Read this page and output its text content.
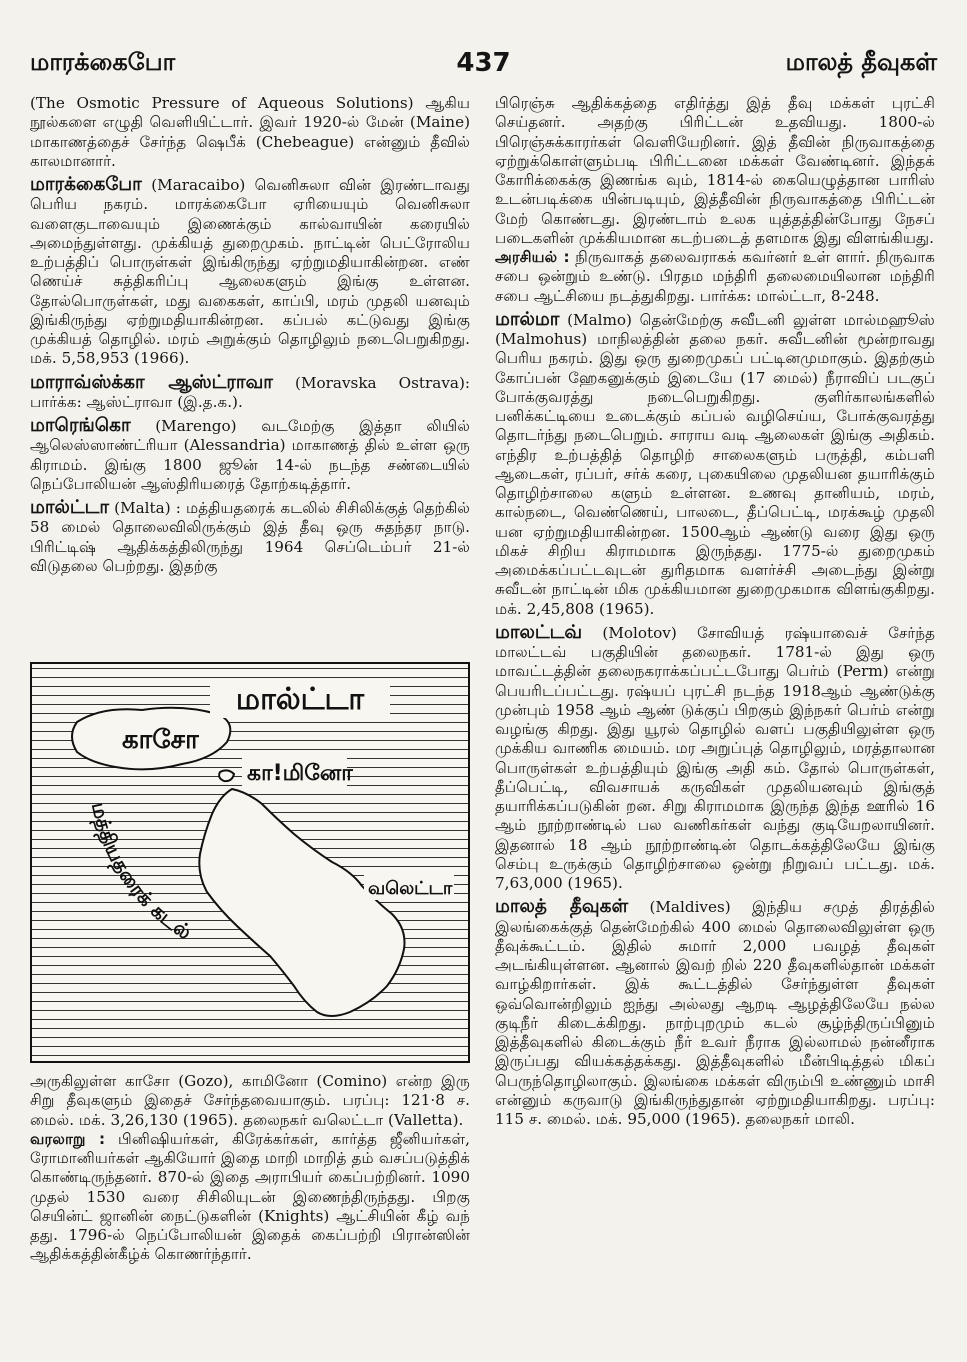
மாரக்கைபோ	437	மாலத் தீவுகள்

(The Osmotic Pressure of Aqueous Solutions) ஆகிய நூல்களை எழுதி வெளியிட்டார். இவர் 1920-ல் மேன் (Maine) மாகாணத்தைச் சேர்ந்த ஷெபீக் (Chebeague) என்னும் தீவில் காலமானார்.

மாரக்கைபோ (Maracaibo) வெனிசுலா வின் இரண்டாவது பெரிய நகரம். மாரக்கைபோ ஏரியையும் வெனிசுலா வளைகுடாவையும் இணைக்கும் கால்வாயின் கரையில் அமைந்துள்ளது. முக்கியத் துறைமுகம். நாட்டின் பெட்ரோலிய உற்பத்திப் பொருள்கள் இங்கிருந்து ஏற்றுமதியாகின்றன. எண் ணெய்ச் சுத்திகரிப்பு ஆலைகளும் இங்கு உள்ளன. தோல்பொருள்கள், மது வகைகள், காப்பி, மரம் முதலி யனவும் இங்கிருந்து ஏற்றுமதியாகின்றன. கப்பல் கட்டுவது இங்கு முக்கியத் தொழில். மரம் அறுக்கும் தொழிலும் நடைபெறுகிறது. மக். 5,58,953 (1966).

மாராவ்ஸ்க்கா ஆஸ்ட்ராவா (Moravska Ostrava): பார்க்க: ஆஸ்ட்ராவா (இ.த.க.).

மாரெங்கொ (Marengo) வடமேற்கு இத்தா லியில் ஆலெஸ்ஸாண்ட்ரியா (Alessandria) மாகாணத் தில் உள்ள ஒரு கிராமம். இங்கு 1800 ஜூன் 14-ல் நடந்த சண்டையில் நெப்போலியன் ஆஸ்திரியரைத் தோற்கடித்தார்.

மால்ட்டா (Malta) : மத்தியதரைக் கடலில் சிசிலிக்குத் தெற்கில் 58 மைல் தொலைவிலிருக்கும் இத் தீவு ஒரு சுதந்தர நாடு. பிரிட்டிஷ் ஆதிக்கத்திலிருந்து 1964 செப்டெம்பர் 21-ல் விடுதலை பெற்றது. இதற்கு

மால்ட்டா
காசோ
கா!மினோ
வலெட்டா
மத்தியதரைக் கடல்

அருகிலுள்ள காசோ (Gozo), காமினோ (Comino) என்ற இரு சிறு தீவுகளும் இதைச் சேர்ந்தவையாகும். பரப்பு: 121·8 ச. மைல். மக். 3,26,130 (1965). தலைநகர் வலெட்டா (Valletta).

வரலாறு : பினிஷியர்கள், கிரேக்கர்கள், கார்த்த ஜீனியர்கள், ரோமானியர்கள் ஆகியோர் இதை மாறி மாறித் தம் வசப்படுத்திக் கொண்டிருந்தனர். 870-ல் இதை அராபியர் கைப்பற்றினர். 1090 முதல் 1530 வரை சிசிலியுடன் இணைந்திருந்தது. பிறகு செயின்ட் ஜானின் நைட்டுகளின் (Knights) ஆட்சியின் கீழ் வந் தது. 1796-ல் நெப்போலியன் இதைக் கைப்பற்றி பிரான்ஸின் ஆதிக்கத்தின்கீழ்க் கொணர்ந்தார்.

பிரெஞ்சு ஆதிக்கத்தை எதிர்த்து இத் தீவு மக்கள் புரட்சி செய்தனர். அதற்கு பிரிட்டன் உதவியது. 1800-ல் பிரெஞ்சுக்காரர்கள் வெளியேறினர். இத் தீவின் நிருவாகத்தை ஏற்றுக்கொள்ளும்படி பிரிட்டனை மக்கள் வேண்டினர். இந்தக் கோரிக்கைக்கு இணங்க வும், 1814-ல் கையெழுத்தான பாரிஸ் உடன்படிக்கை யின்படியும், இத்தீவின் நிருவாகத்தை பிரிட்டன் மேற் கொண்டது. இரண்டாம் உலக யுத்தத்தின்போது நேசப் படைகளின் முக்கியமான கடற்படைத் தளமாக இது விளங்கியது.

அரசியல் : நிருவாகத் தலைவராகக் கவர்னர் உள் ளார். நிருவாக சபை ஒன்றும் உண்டு. பிரதம மந்திரி தலைமையிலான மந்திரி சபை ஆட்சியை நடத்துகிறது. பார்க்க: மால்ட்டா, 8-248.

மால்மா (Malmo) தென்மேற்கு சுவீடனி லுள்ள மால்மஹூஸ் (Malmohus) மாநிலத்தின் தலை நகர். சுவீடனின் மூன்றாவது பெரிய நகரம். இது ஒரு துறைமுகப் பட்டினமுமாகும். இதற்கும் கோப்பன் ஹேகனுக்கும் இடையே (17 மைல்) நீராவிப் படகுப் போக்குவரத்து நடைபெறுகிறது. குளிர்காலங்களில் பனிக்கட்டியை உடைக்கும் கப்பல் வழிசெய்ய, போக்குவரத்து தொடர்ந்து நடைபெறும். சாராய வடி ஆலைகள் இங்கு அதிகம். எந்திர உற்பத்தித் தொழிற் சாலைகளும் பருத்தி, கம்பளி ஆடைகள், ரப்பர், சர்க் கரை, புகையிலை முதலியன தயாரிக்கும் தொழிற்சாலை களும் உள்ளன. உணவு தானியம், மரம், கால்நடை, வெண்ணெய், பாலடை, தீப்பெட்டி, மரக்கூழ் முதலி யன ஏற்றுமதியாகின்றன. 1500ஆம் ஆண்டு வரை இது ஒரு மிகச் சிறிய கிராமமாக இருந்தது. 1775-ல் துறைமுகம் அமைக்கப்பட்டவுடன் துரிதமாக வளர்ச்சி அடைந்து இன்று சுவீடன் நாட்டின் மிக முக்கியமான துறைமுகமாக விளங்குகிறது. மக். 2,45,808 (1965).

மாலட்டவ் (Molotov) சோவியத் ரஷ்யாவைச் சேர்ந்த மாலட்டவ் பகுதியின் தலைநகர். 1781-ல் இது ஒரு மாவட்டத்தின் தலைநகராக்கப்பட்டபோது பெர்ம் (Perm) என்று பெயரிடப்பட்டது. ரஷ்யப் புரட்சி நடந்த 1918ஆம் ஆண்டுக்கு முன்பும் 1958 ஆம் ஆண் டுக்குப் பிறகும் இந்நகர் பெர்ம் என்று வழங்கு கிறது. இது யூரல் தொழில் வளப் பகுதியிலுள்ள ஒரு முக்கிய வாணிக மையம். மர அறுப்புத் தொழிலும், மரத்தாலான பொருள்கள் உற்பத்தியும் இங்கு அதி கம். தோல் பொருள்கள், தீப்பெட்டி, விவசாயக் கருவிகள் முதலியனவும் இங்குத் தயாரிக்கப்படுகின் றன. சிறு கிராமமாக இருந்த இந்த ஊரில் 16 ஆம் நூற்றாண்டில் பல வணிகர்கள் வந்து குடியேறலாயினர். இதனால் 18 ஆம் நூற்றாண்டின் தொடக்கத்திலேயே இங்கு செம்பு உருக்கும் தொழிற்சாலை ஒன்று நிறுவப் பட்டது. மக். 7,63,000 (1965).

மாலத் தீவுகள் (Maldives) இந்திய சமுத் திரத்தில் இலங்கைக்குத் தென்மேற்கில் 400 மைல் தொலைவிலுள்ள ஒரு தீவுக்கூட்டம். இதில் சுமார் 2,000 பவழத் தீவுகள் அடங்கியுள்ளன. ஆனால் இவற் றில் 220 தீவுகளில்தான் மக்கள் வாழ்கிறார்கள். இக் கூட்டத்தில் சேர்ந்துள்ள தீவுகள் ஒவ்வொன்றிலும் ஐந்து அல்லது ஆறடி ஆழத்திலேயே நல்ல குடிநீர் கிடைக்கிறது. நாற்புறமும் கடல் சூழ்ந்திருப்பினும் இத்தீவுகளில் கிடைக்கும் நீர் உவர் நீராக இல்லாமல் நன்னீராக இருப்பது வியக்கத்தக்கது. இத்தீவுகளில் மீன்பிடித்தல் மிகப் பெருந்தொழிலாகும். இலங்கை மக்கள் விரும்பி உண்ணும் மாசி என்னும் கருவாடு இங்கிருந்துதான் ஏற்றுமதியாகிறது. பரப்பு: 115 ச. மைல். மக். 95,000 (1965). தலைநகர் மாலி.
